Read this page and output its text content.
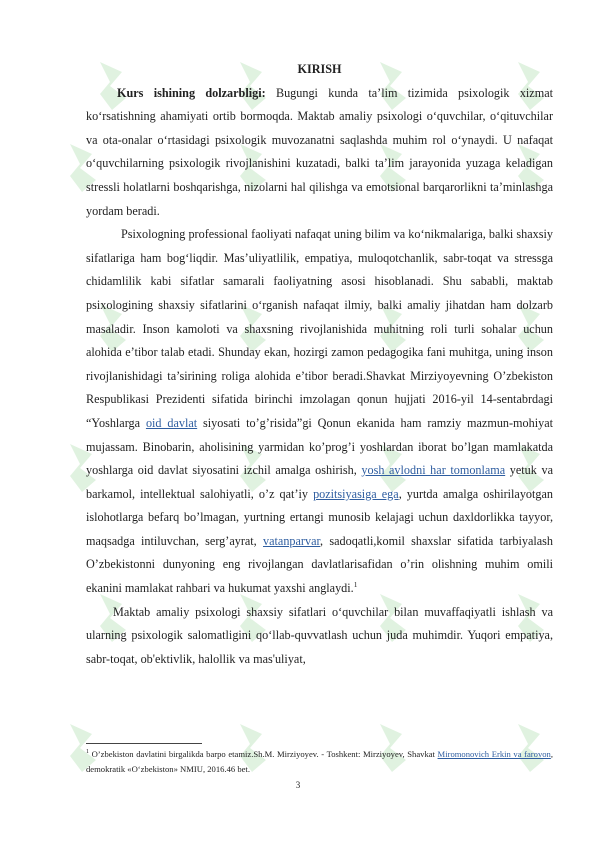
KIRISH

Kurs ishining dolzarbligi: Bugungi kunda ta’lim tizimida psixologik xizmat ko‘rsatishning ahamiyati ortib bormoqda. Maktab amaliy psixologi o‘quvchilar, o‘qituvchilar va ota-onalar o‘rtasidagi psixologik muvozanatni saqlashda muhim rol o‘ynaydi. U nafaqat o‘quvchilarning psixologik rivojlanishini kuzatadi, balki ta’lim jarayonida yuzaga keladigan stressli holatlarni boshqarishga, nizolarni hal qilishga va emotsional barqarorlikni ta’minlashga yordam beradi.

Psixologning professional faoliyati nafaqat uning bilim va ko‘nikmalariga, balki shaxsiy sifatlariga ham bog‘liqdir. Mas’uliyatlilik, empatiya, muloqotchanlik, sabr-toqat va stressga chidamlilik kabi sifatlar samarali faoliyatning asosi hisoblanadi. Shu sababli, maktab psixologining shaxsiy sifatlarini o‘rganish nafaqat ilmiy, balki amaliy jihatdan ham dolzarb masaladir. Inson kamoloti va shaxsning rivojlanishida muhitning roli turli sohalar uchun alohida e’tibor talab etadi. Shunday ekan, hozirgi zamon pedagogika fani muhitga, uning inson rivojlanishidagi ta’sirining roliga alohida e’tibor beradi.Shavkat Mirziyoyevning O’zbekiston Respublikasi Prezidenti sifatida birinchi imzolagan qonun hujjati 2016-yil 14-sentabrdagi “Yoshlarga oid davlat siyosati to’g’risida”gi Qonun ekanida ham ramziy mazmun-mohiyat mujassam. Binobarin, aholisining yarmidan ko’prog’i yoshlardan iborat bo’lgan mamlakatda yoshlarga oid davlat siyosatini izchil amalga oshirish, yosh avlodni har tomonlama yetuk va barkamol, intellektual salohiyatli, o’z qat’iy pozitsiyasiga ega, yurtda amalga oshirilayotgan islohotlarga befarq bo’lmagan, yurtning ertangi munosib kelajagi uchun daxldorlikka tayyor, maqsadga intiluvchan, serg’ayrat, vatanparvar, sadoqatli,komil shaxslar sifatida tarbiyalash O’zbekistonni dunyoning eng rivojlangan davlatlarisafidan o’rin olishning muhim omili ekanini mamlakat rahbari va hukumat yaxshi anglaydi.$^1$

Maktab amaliy psixologi shaxsiy sifatlari o‘quvchilar bilan muvaffaqiyatli ishlash va ularning psixologik salomatligini qo‘llab-quvvatlash uchun juda muhimdir. Yuqori empatiya, sabr-toqat, ob'ektivlik, halollik va mas'uliyat,

$^1$ O’zbekiston davlatini birgalikda barpo etamiz.Sh.M. Mirziyoyev. - Toshkent: Mirziyoyev, Shavkat Miromonovich Erkin va farovon, demokratik «O‘zbekiston» NMIU, 2016.46 bet.

3
